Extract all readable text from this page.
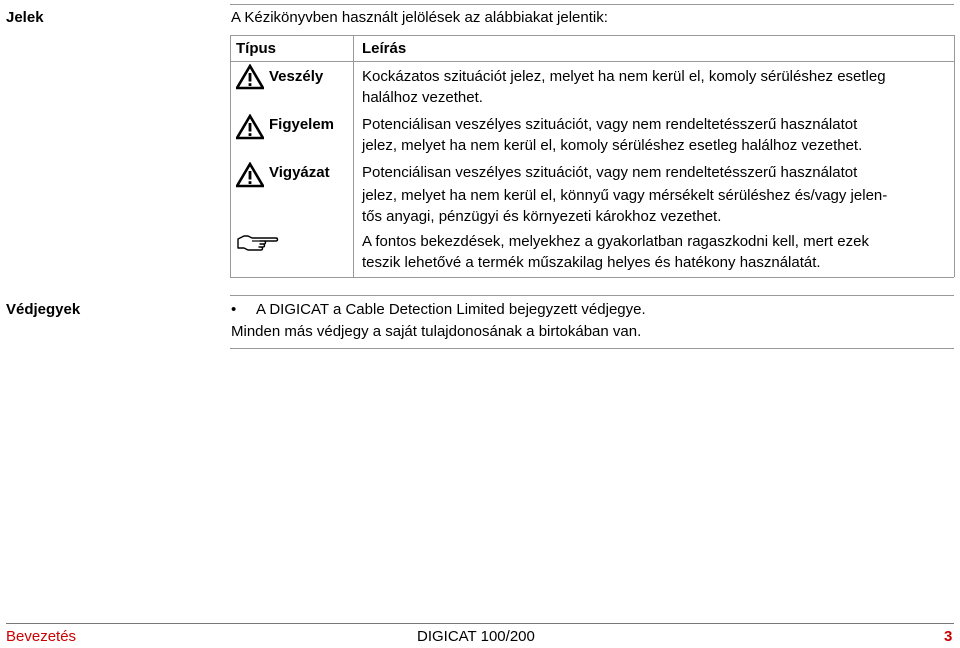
Jelek	A Kézikönyvben használt jelölések az alábbiakat jelentik:
Típus	Leírás
Veszély	Kockázatos szituációt jelez, melyet ha nem kerül el, komoly sérüléshez esetleg
halálhoz vezethet.
Figyelem Potenciálisan veszélyes szituációt, vagy nem rendeltetésszerű használatot
jelez, melyet ha nem kerül el, komoly sérüléshez esetleg halálhoz vezethet.
Vigyázat Potenciálisan veszélyes szituációt, vagy nem rendeltetésszerű használatot
jelez, melyet ha nem kerül el, könnyű vagy mérsékelt sérüléshez és/vagy jelen-
tős anyagi, pénzügyi és környezeti károkhoz vezethet.
A fontos bekezdések, melyekhez a gyakorlatban ragaszkodni kell, mert ezek
teszik lehetővé a termék műszakilag helyes és hatékony használatát.
Védjegyek	• A DIGICAT a Cable Detection Limited bejegyzett védjegye.
Minden más védjegy a saját tulajdonosának a birtokában van.
Bevezetés	DIGICAT 100/200	3
